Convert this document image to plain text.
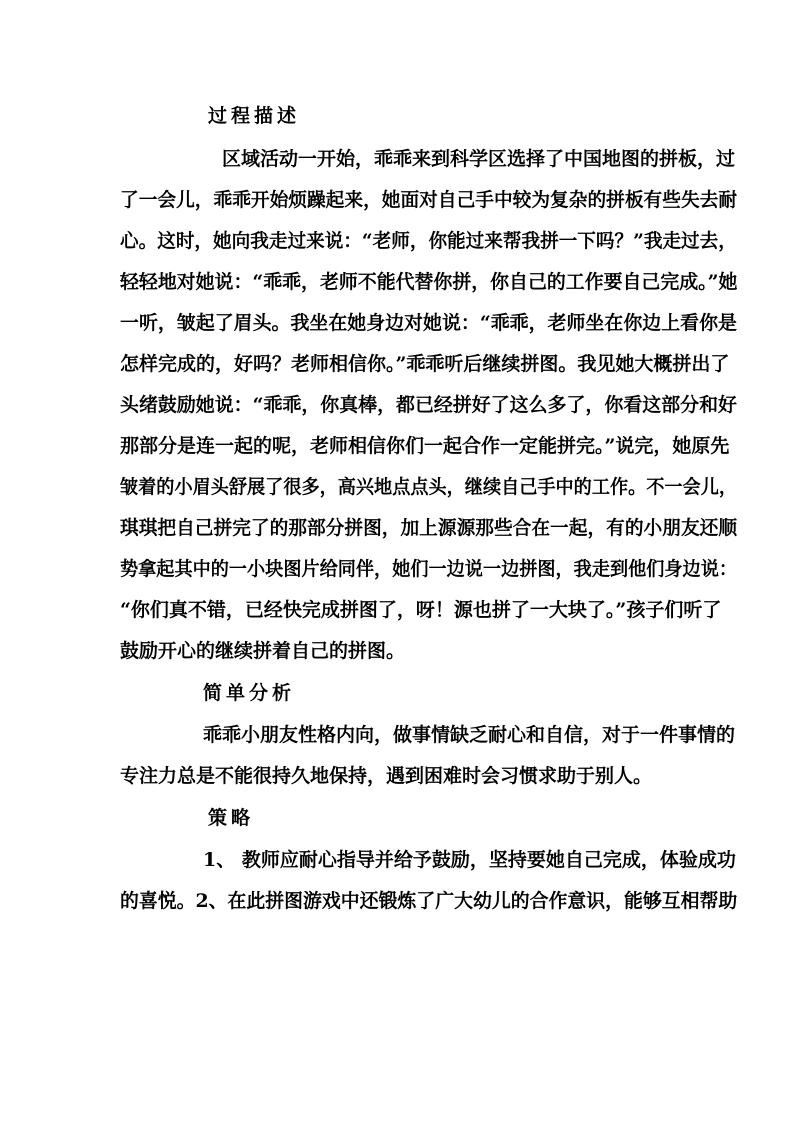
过程描述
区域活动一开始，乖乖来到科学区选择了中国地图的拼板，过
了一会儿，乖乖开始烦躁起来，她面对自己手中较为复杂的拼板有些失去耐
心。这时，她向我走过来说：“老师，你能过来帮我拼一下吗？”我走过去，
轻轻地对她说：“乖乖，老师不能代替你拼，你自己的工作要自己完成。”她
一听，皱起了眉头。我坐在她身边对她说：“乖乖，老师坐在你边上看你是
怎样完成的，好吗？老师相信你。”乖乖听后继续拼图。我见她大概拼出了
头绪鼓励她说：“乖乖，你真棒，都已经拼好了这么多了，你看这部分和好
那部分是连一起的呢，老师相信你们一起合作一定能拼完。”说完，她原先
皱着的小眉头舒展了很多，高兴地点点头，继续自己手中的工作。不一会儿，
琪琪把自己拼完了的那部分拼图，加上源源那些合在一起，有的小朋友还顺
势拿起其中的一小块图片给同伴，她们一边说一边拼图，我走到他们身边说：
“你们真不错，已经快完成拼图了，呀！源也拼了一大块了。”孩子们听了
鼓励开心的继续拼着自己的拼图。
简单分析
乖乖小朋友性格内向，做事情缺乏耐心和自信，对于一件事情的
专注力总是不能很持久地保持，遇到困难时会习惯求助于别人。
策略
1、 教师应耐心指导并给予鼓励，坚持要她自己完成，体验成功
的喜悦。2、在此拼图游戏中还锻炼了广大幼儿的合作意识，能够互相帮助
